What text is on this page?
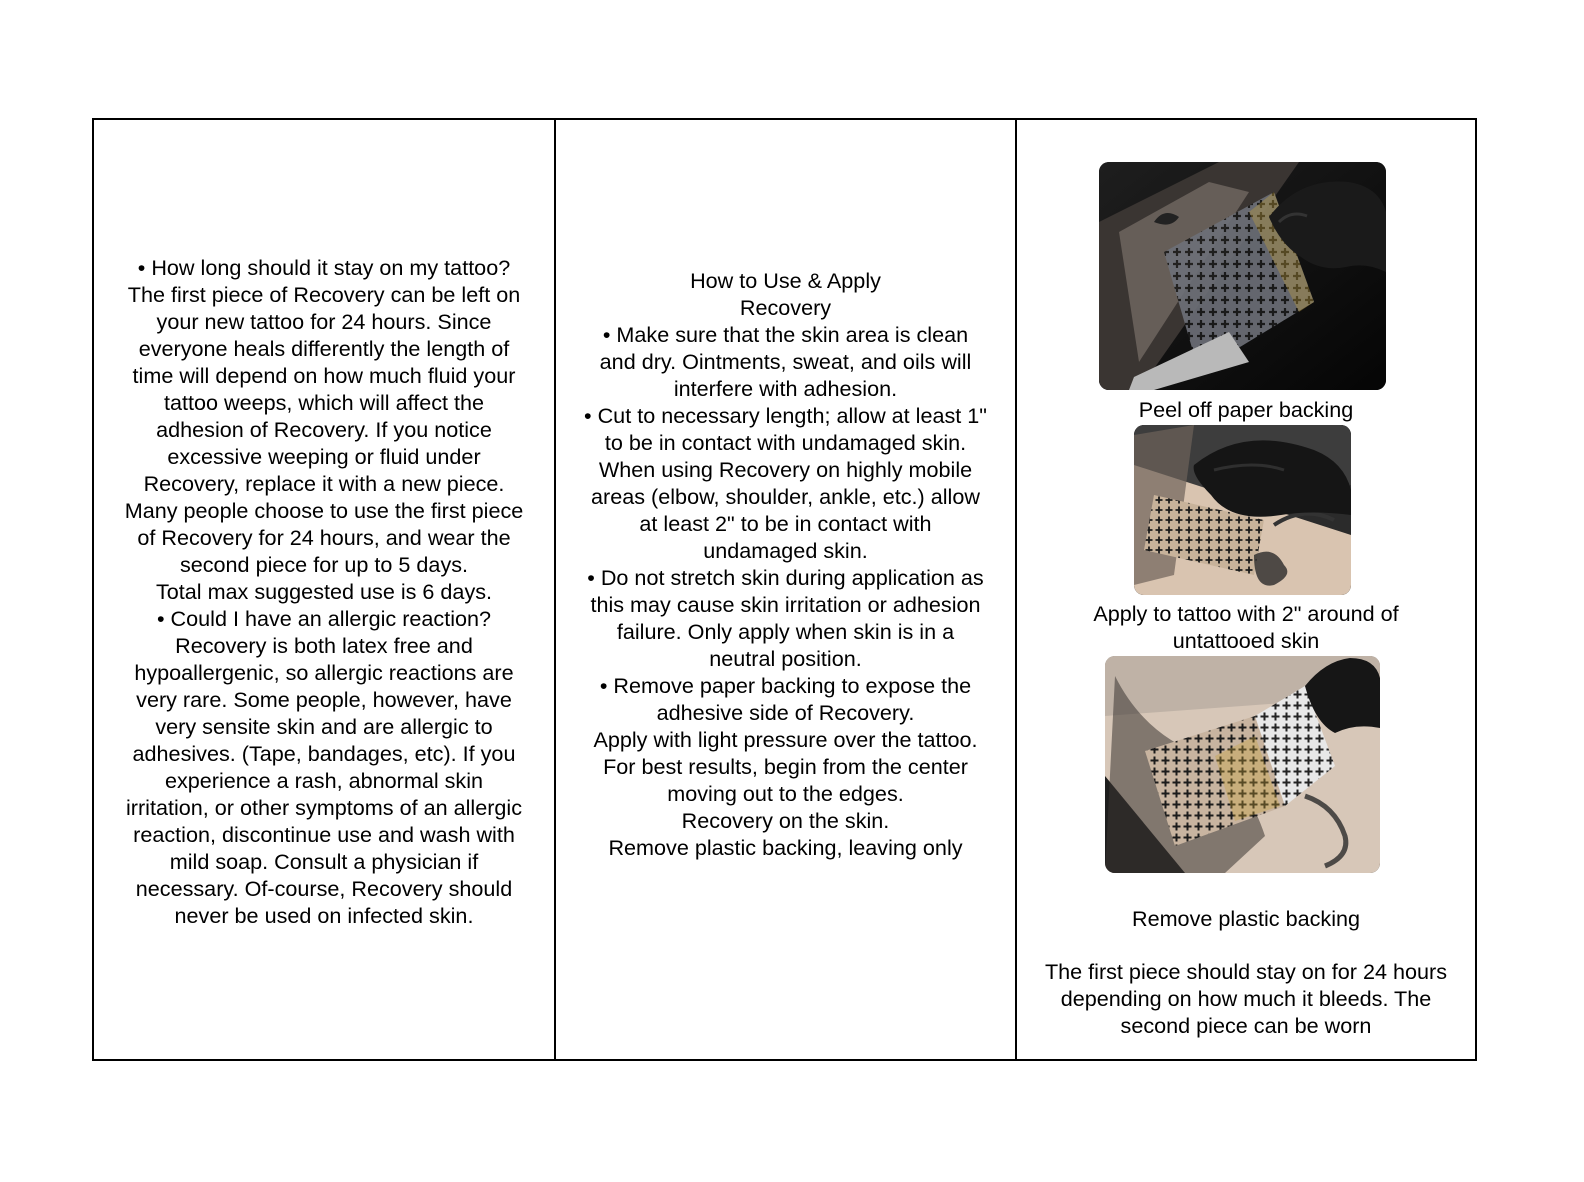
• How long should it stay on my tattoo?
The first piece of Recovery can be left on
your new tattoo for 24 hours. Since
everyone heals differently the length of
time will depend on how much fluid your
tattoo weeps, which will affect the
adhesion of Recovery. If you notice
excessive weeping or fluid under
Recovery, replace it with a new piece.
Many people choose to use the first piece
of Recovery for 24 hours, and wear the
second piece for up to 5 days.
Total max suggested use is 6 days.
• Could I have an allergic reaction?
Recovery is both latex free and
hypoallergenic, so allergic reactions are
very rare. Some people, however, have
very sensite skin and are allergic to
adhesives. (Tape, bandages, etc). If you
experience a rash, abnormal skin
irritation, or other symptoms of an allergic
reaction, discontinue use and wash with
mild soap. Consult a physician if
necessary. Of-course, Recovery should
never be used on infected skin.
How to Use & Apply
Recovery
• Make sure that the skin area is clean
and dry. Ointments, sweat, and oils will
interfere with adhesion.
• Cut to necessary length; allow at least 1"
to be in contact with undamaged skin.
When using Recovery on highly mobile
areas (elbow, shoulder, ankle, etc.) allow
at least 2" to be in contact with
undamaged skin.
• Do not stretch skin during application as
this may cause skin irritation or adhesion
failure. Only apply when skin is in a
neutral position.
• Remove paper backing to expose the
adhesive side of Recovery.
Apply with light pressure over the tattoo.
For best results, begin from the center
moving out to the edges.
Recovery on the skin.
Remove plastic backing, leaving only
Peel off paper backing
Apply to tattoo with 2" around of
untattooed skin
Remove plastic backing
The first piece should stay on for 24 hours
depending on how much it bleeds. The
second piece can be worn
